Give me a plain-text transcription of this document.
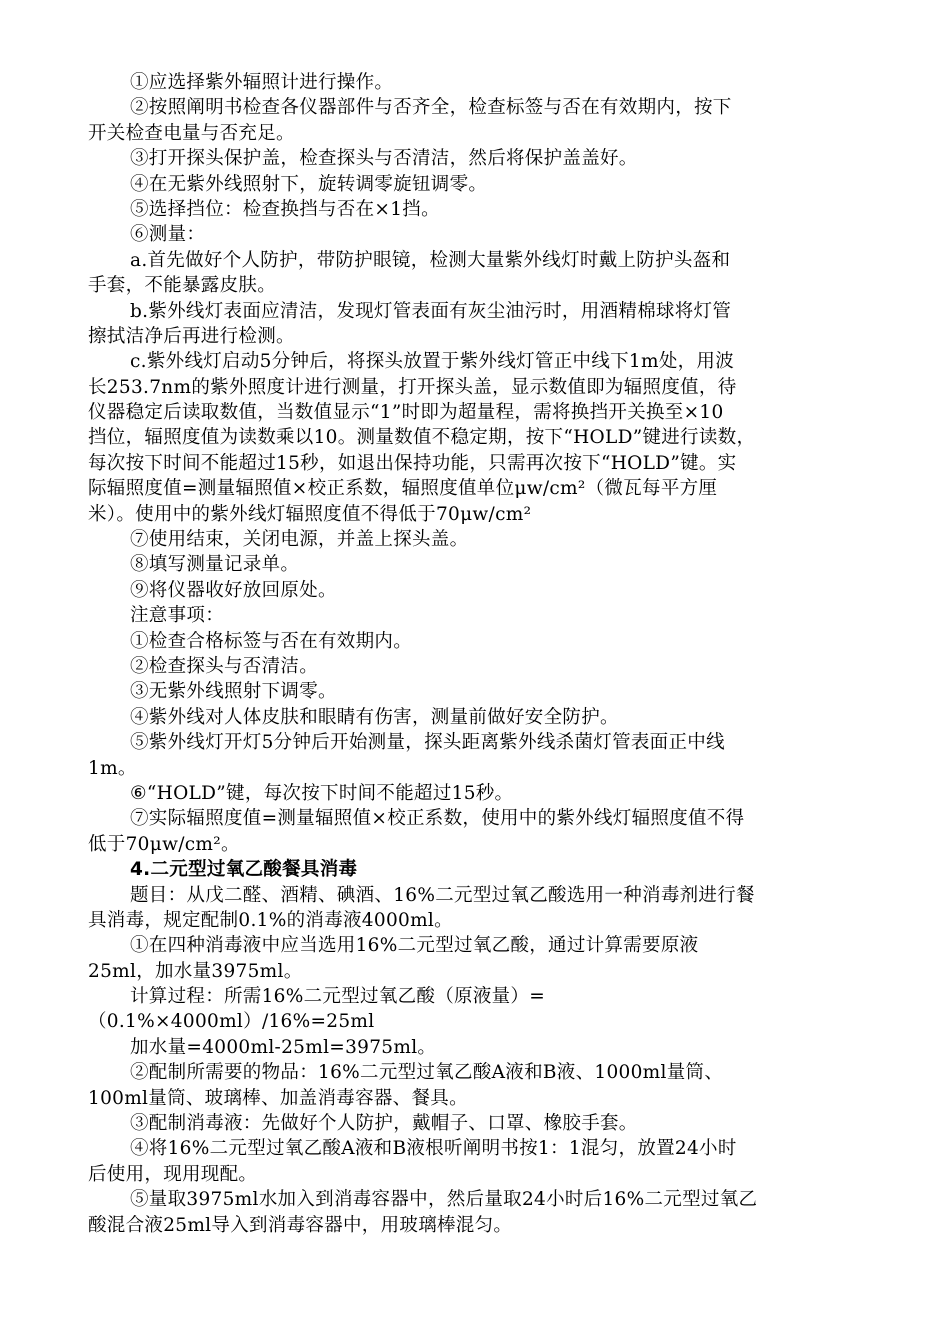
①应选择紫外辐照计进行操作。
②按照阐明书检查各仪器部件与否齐全，检查标签与否在有效期内，按下
开关检查电量与否充足。
③打开探头保护盖，检查探头与否清洁，然后将保护盖盖好。
④在无紫外线照射下，旋转调零旋钮调零。
⑤选择挡位：检查换挡与否在×1挡。
⑥测量：
a.首先做好个人防护，带防护眼镜，检测大量紫外线灯时戴上防护头盔和
手套，不能暴露皮肤。
b.紫外线灯表面应清洁，发现灯管表面有灰尘油污时，用酒精棉球将灯管
擦拭洁净后再进行检测。
c.紫外线灯启动5分钟后，将探头放置于紫外线灯管正中线下1m处，用波
长253.7nm的紫外照度计进行测量，打开探头盖，显示数值即为辐照度值，待
仪器稳定后读取数值，当数值显示“1”时即为超量程，需将换挡开关换至×10
挡位，辐照度值为读数乘以10。测量数值不稳定期，按下“HOLD”键进行读数，
每次按下时间不能超过15秒，如退出保持功能，只需再次按下“HOLD”键。实
际辐照度值=测量辐照值×校正系数，辐照度值单位μw/cm²（微瓦每平方厘
米）。使用中的紫外线灯辐照度值不得低于70μw/cm²
⑦使用结束，关闭电源，并盖上探头盖。
⑧填写测量记录单。
⑨将仪器收好放回原处。
注意事项：
①检查合格标签与否在有效期内。
②检查探头与否清洁。
③无紫外线照射下调零。
④紫外线对人体皮肤和眼睛有伤害，测量前做好安全防护。
⑤紫外线灯开灯5分钟后开始测量，探头距离紫外线杀菌灯管表面正中线
1m。
⑥“HOLD”键，每次按下时间不能超过15秒。
⑦实际辐照度值=测量辐照值×校正系数，使用中的紫外线灯辐照度值不得
低于70μw/cm²。
4.二元型过氧乙酸餐具消毒
题目：从戊二醛、酒精、碘酒、16%二元型过氧乙酸选用一种消毒剂进行餐
具消毒，规定配制0.1%的消毒液4000ml。
①在四种消毒液中应当选用16%二元型过氧乙酸，通过计算需要原液
25ml，加水量3975ml。
计算过程：所需16%二元型过氧乙酸（原液量）=
（0.1%×4000ml）/16%=25ml
加水量=4000ml-25ml=3975ml。
②配制所需要的物品：16%二元型过氧乙酸A液和B液、1000ml量筒、
100ml量筒、玻璃棒、加盖消毒容器、餐具。
③配制消毒液：先做好个人防护，戴帽子、口罩、橡胶手套。
④将16%二元型过氧乙酸A液和B液根听阐明书按1：1混匀，放置24小时
后使用，现用现配。
⑤量取3975ml水加入到消毒容器中，然后量取24小时后16%二元型过氧乙
酸混合液25ml导入到消毒容器中，用玻璃棒混匀。
